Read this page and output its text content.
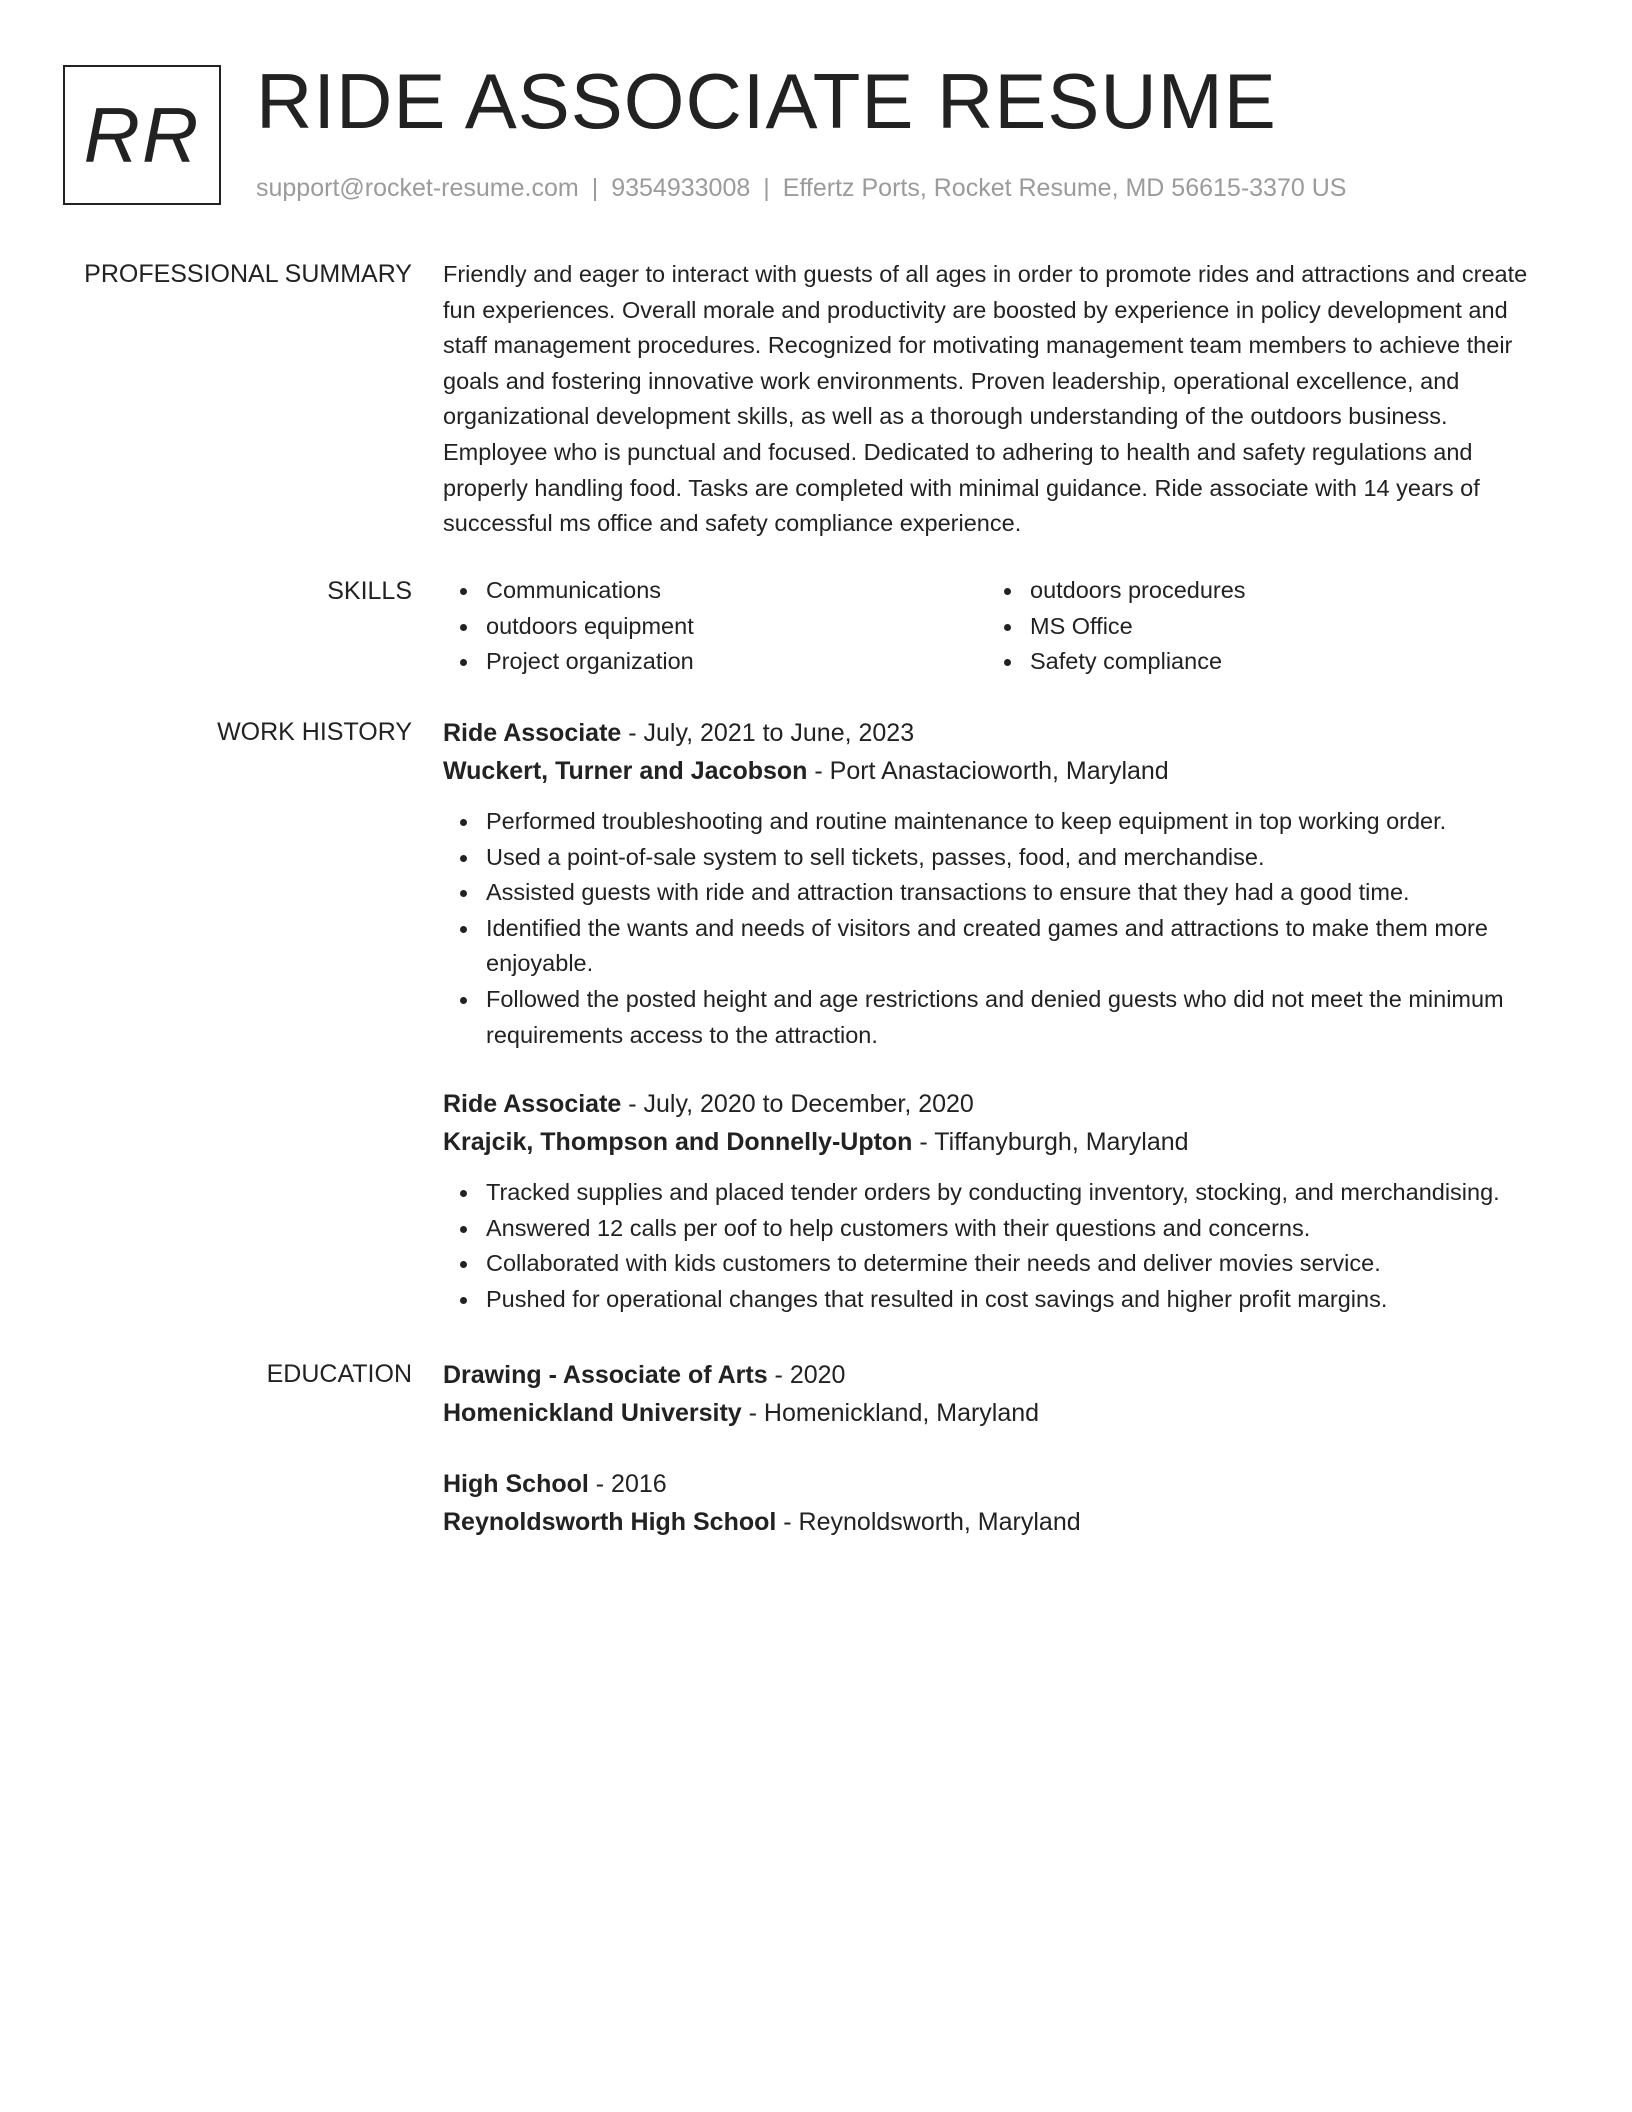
RR RIDE ASSOCIATE RESUME
support@rocket-resume.com | 9354933008 | Effertz Ports, Rocket Resume, MD 56615-3370 US
PROFESSIONAL SUMMARY Friendly and eager to interact with guests of all ages in order to promote rides and attractions and create fun experiences. Overall morale and productivity are boosted by experience in policy development and staff management procedures. Recognized for motivating management team members to achieve their goals and fostering innovative work environments. Proven leadership, operational excellence, and organizational development skills, as well as a thorough understanding of the outdoors business. Employee who is punctual and focused. Dedicated to adhering to health and safety regulations and properly handling food. Tasks are completed with minimal guidance. Ride associate with 14 years of successful ms office and safety compliance experience.

SKILLS	Communications
outdoors equipment
Project organization
outdoors procedures
MS Office
Safety compliance
WORK HISTORY Ride Associate - July, 2021 to June, 2023
Wuckert, Turner and Jacobson - Port Anastacioworth, Maryland
Performed troubleshooting and routine maintenance to keep equipment in top working order.
Used a point-of-sale system to sell tickets, passes, food, and merchandise.
Assisted guests with ride and attraction transactions to ensure that they had a good time.
Identified the wants and needs of visitors and created games and attractions to make them more enjoyable.
Followed the posted height and age restrictions and denied guests who did not meet the minimum requirements access to the attraction.
Ride Associate - July, 2020 to December, 2020
Krajcik, Thompson and Donnelly-Upton - Tiffanyburgh, Maryland
Tracked supplies and placed tender orders by conducting inventory, stocking, and merchandising.
Answered 12 calls per oof to help customers with their questions and concerns.
Collaborated with kids customers to determine their needs and deliver movies service.
Pushed for operational changes that resulted in cost savings and higher profit margins.
EDUCATION Drawing - Associate of Arts - 2020
Homenickland University - Homenickland, Maryland
High School - 2016
Reynoldsworth High School - Reynoldsworth, Maryland
